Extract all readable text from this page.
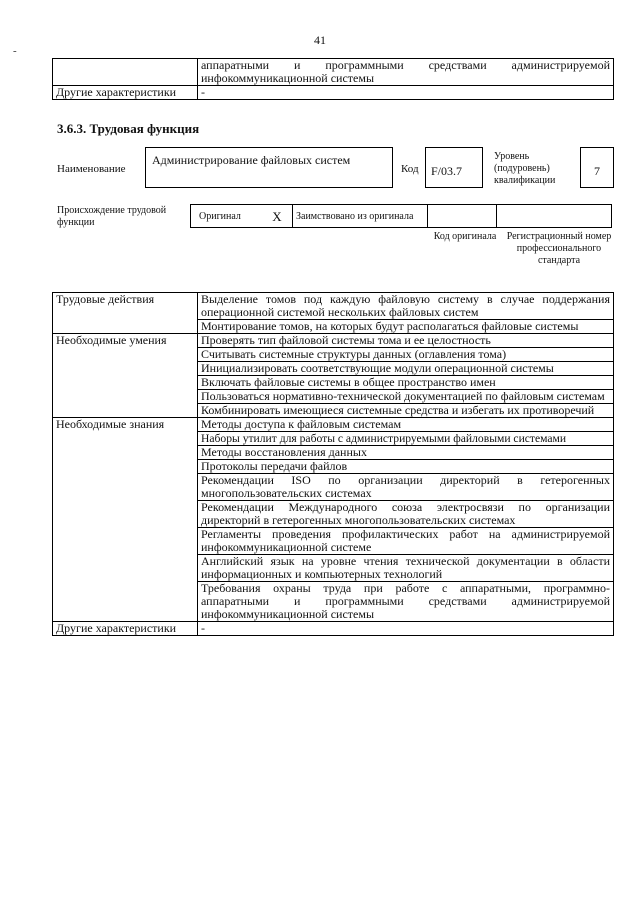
41
-
	аппаратными и программными средствами администрируемой инфокоммуникационной системы
Другие характеристики	-
3.6.3. Трудовая функция
Наименование
Администрирование файловых систем
Код	F/03.7
Уровень (подуровень) квалификации
7
Происхождение трудовой функции
Оригинал	X	Заимствовано из оригинала		
Код оригинала	Регистрационный номер профессионального стандарта
Трудовые действия	Выделение томов под каждую файловую систему в случае поддержания операционной системой нескольких файловых систем
	Монтирование томов, на которых будут располагаться файловые системы
Необходимые умения	Проверять тип файловой системы тома и ее целостность
	Считывать системные структуры данных (оглавления тома)
	Инициализировать соответствующие модули операционной системы
	Включать файловые системы в общее пространство имен
	Пользоваться нормативно-технической документацией по файловым системам
	Комбинировать имеющиеся системные средства и избегать их противоречий
Необходимые знания	Методы доступа к файловым системам
	Наборы утилит для работы с администрируемыми файловыми системами
	Методы восстановления данных
	Протоколы передачи файлов
	Рекомендации ISO по организации директорий в гетерогенных многопользовательских системах
	Рекомендации Международного союза электросвязи по организации директорий в гетерогенных многопользовательских системах
	Регламенты проведения профилактических работ на администрируемой инфокоммуникационной системе
	Английский язык на уровне чтения технической документации в области информационных и компьютерных технологий
	Требования охраны труда при работе с аппаратными, программно-аппаратными и программными средствами администрируемой инфокоммуникационной системы
Другие характеристики	-
